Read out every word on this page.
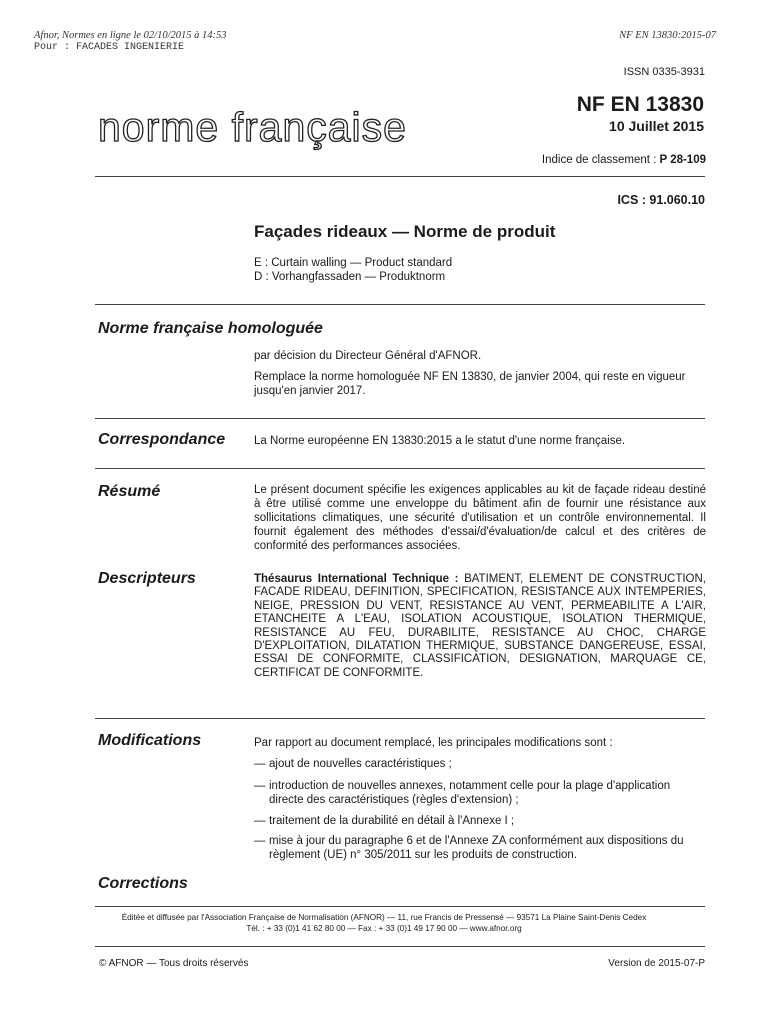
Afnor, Normes en ligne le 02/10/2015 à 14:53
Pour : FACADES INGENIERIE
NF EN 13830:2015-07
ISSN 0335-3931
norme française	NF EN 13830
10 Juillet 2015
Indice de classement : P 28-109
ICS : 91.060.10
Façades rideaux — Norme de produit
E : Curtain walling — Product standard
D : Vorhangfassaden — Produktnorm
Norme française homologuée
par décision du Directeur Général d'AFNOR.
Remplace la norme homologuée NF EN 13830, de janvier 2004, qui reste en vigueur jusqu'en janvier 2017.
Correspondance	La Norme européenne EN 13830:2015 a le statut d'une norme française.
Résumé	Le présent document spécifie les exigences applicables au kit de façade rideau destiné à être utilisé comme une enveloppe du bâtiment afin de fournir une résistance aux sollicitations climatiques, une sécurité d'utilisation et un contrôle environnemental. Il fournit également des méthodes d'essai/d'évaluation/de calcul et des critères de conformité des performances associées.
Descripteurs	Thésaurus International Technique : BATIMENT, ELEMENT DE CONSTRUCTION, FACADE RIDEAU, DEFINITION, SPECIFICATION, RESISTANCE AUX INTEMPERIES, NEIGE, PRESSION DU VENT, RESISTANCE AU VENT, PERMEABILITE A L'AIR, ETANCHEITE A L'EAU, ISOLATION ACOUSTIQUE, ISOLATION THERMIQUE, RESISTANCE AU FEU, DURABILITE, RESISTANCE AU CHOC, CHARGE D'EXPLOITATION, DILATATION THERMIQUE, SUBSTANCE DANGEREUSE, ESSAI, ESSAI DE CONFORMITE, CLASSIFICATION, DESIGNATION, MARQUAGE CE, CERTIFICAT DE CONFORMITE.
Modifications	Par rapport au document remplacé, les principales modifications sont :
— ajout de nouvelles caractéristiques ;
— introduction de nouvelles annexes, notamment celle pour la plage d'application directe des caractéristiques (règles d'extension) ;
— traitement de la durabilité en détail à l'Annexe I ;
— mise à jour du paragraphe 6 et de l'Annexe ZA conformément aux dispositions du règlement (UE) n° 305/2011 sur les produits de construction.
Corrections
Éditée et diffusée par l'Association Française de Normalisation (AFNOR) — 11, rue Francis de Pressensé — 93571 La Plaine Saint-Denis Cedex
Tél. : + 33 (0)1 41 62 80 00 — Fax : + 33 (0)1 49 17 90 00 — www.afnor.org
© AFNOR — Tous droits réservés	Version de 2015-07-P
